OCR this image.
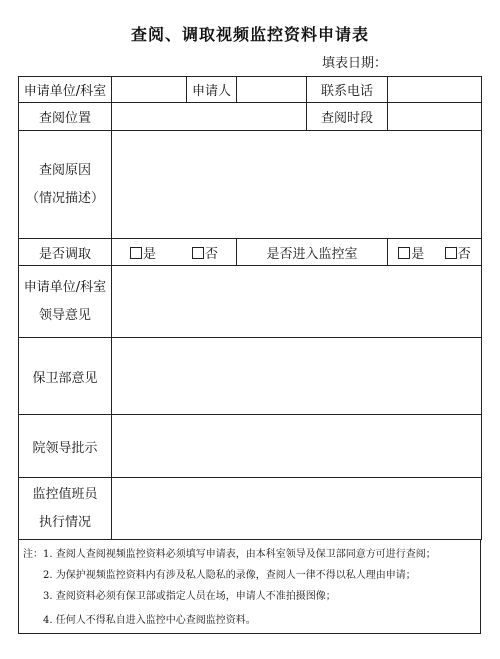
查阅、调取视频监控资料申请表
填表日期：
申请单位/科室		申请人		联系电话	
查阅位置				查阅时段	

查阅原因
（情况描述）					

是否调取	是 否		是否进入监控室		是 否

申请单位/科室
领导意见					

保卫部意见					
院领导批示					

监控值班员
执行情况					

注： 1. 查阅人查阅视频监控资料必须填写申请表，由本科室领导及保卫部同意方可进行查阅；
2. 为保护视频监控资料内有涉及私人隐私的录像，查阅人一律不得以私人理由申请；
3. 查阅资料必须有保卫部或指定人员在场，申请人不准拍摄图像；
4. 任何人不得私自进入监控中心查阅监控资料。
